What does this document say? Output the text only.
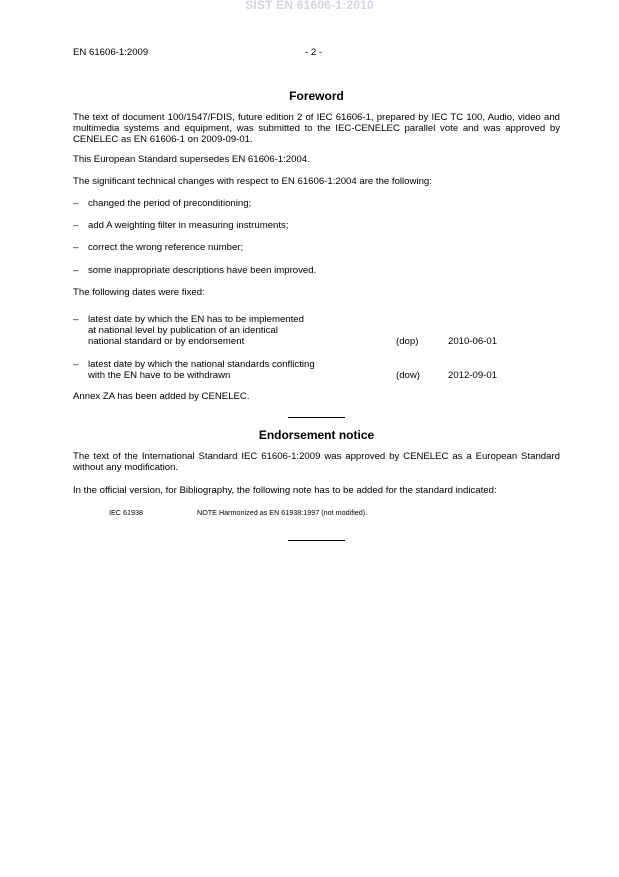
SIST EN 61606-1:2010
EN 61606-1:2009	- 2 -
Foreword

The text of document 100/1547/FDIS, future edition 2 of IEC 61606-1, prepared by IEC TC 100, Audio, video and multimedia systems and equipment, was submitted to the IEC-CENELEC parallel vote and was approved by CENELEC as EN 61606-1 on 2009-09-01.

This European Standard supersedes EN 61606-1:2004.

The significant technical changes with respect to EN 61606-1:2004 are the following:

– changed the period of preconditioning;
– add A weighting filter in measuring instruments;
– correct the wrong reference number;
– some inappropriate descriptions have been improved.

The following dates were fixed:

– latest date by which the EN has to be implemented
at national level by publication of an identical
national standard or by endorsement	(dop)	2010-06-01
– latest date by which the national standards conflicting
with the EN have to be withdrawn	(dow)	2012-09-01

Annex ZA has been added by CENELEC.

Endorsement notice

The text of the International Standard IEC 61606-1:2009 was approved by CENELEC as a European Standard without any modification.

In the official version, for Bibliography, the following note has to be added for the standard indicated:

IEC 61938	NOTE Harmonized as EN 61938:1997 (not modified).
